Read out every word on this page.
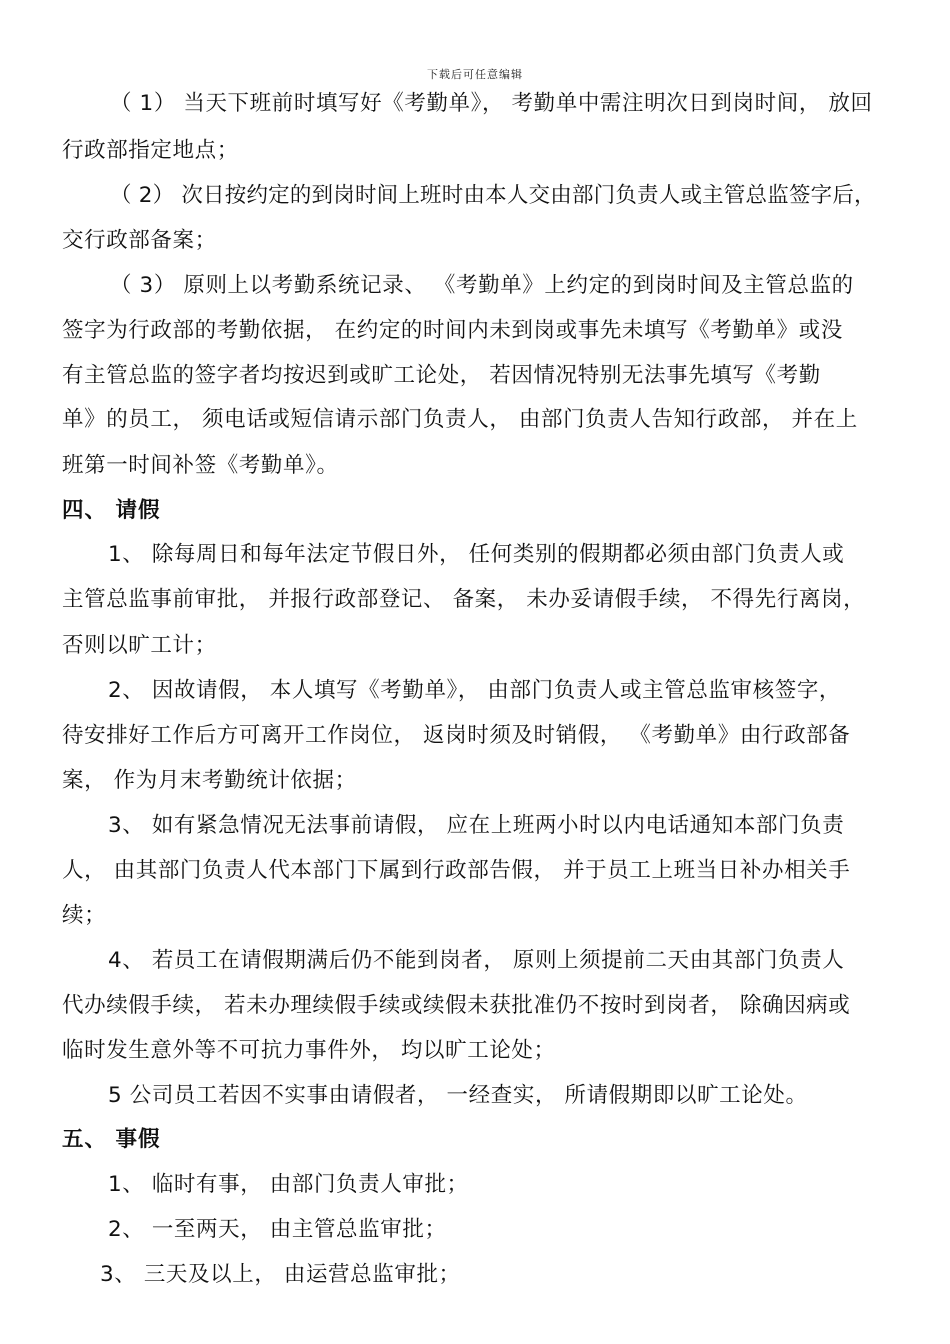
下载后可任意编辑
（ 1） 当天下班前时填写好《考勤单》， 考勤单中需注明次日到岗时间， 放回
行政部指定地点；
（ 2） 次日按约定的到岗时间上班时由本人交由部门负责人或主管总监签字后，
交行政部备案；
（ 3） 原则上以考勤系统记录、 《考勤单》上约定的到岗时间及主管总监的
签字为行政部的考勤依据， 在约定的时间内未到岗或事先未填写《考勤单》或没
有主管总监的签字者均按迟到或旷工论处， 若因情况特别无法事先填写《考勤
单》的员工， 须电话或短信请示部门负责人， 由部门负责人告知行政部， 并在上
班第一时间补签《考勤单》。
四、 请假
1、 除每周日和每年法定节假日外， 任何类别的假期都必须由部门负责人或
主管总监事前审批， 并报行政部登记、 备案， 未办妥请假手续， 不得先行离岗，
否则以旷工计；
2、 因故请假， 本人填写《考勤单》， 由部门负责人或主管总监审核签字，
待安排好工作后方可离开工作岗位， 返岗时须及时销假， 《考勤单》由行政部备
案， 作为月末考勤统计依据；
3、 如有紧急情况无法事前请假， 应在上班两小时以内电话通知本部门负责
人， 由其部门负责人代本部门下属到行政部告假， 并于员工上班当日补办相关手
续；
4、 若员工在请假期满后仍不能到岗者， 原则上须提前二天由其部门负责人
代办续假手续， 若未办理续假手续或续假未获批准仍不按时到岗者， 除确因病或
临时发生意外等不可抗力事件外， 均以旷工论处；
5 公司员工若因不实事由请假者， 一经查实， 所请假期即以旷工论处。
五、 事假
1、 临时有事， 由部门负责人审批；
2、 一至两天， 由主管总监审批；
3、 三天及以上， 由运营总监审批；
